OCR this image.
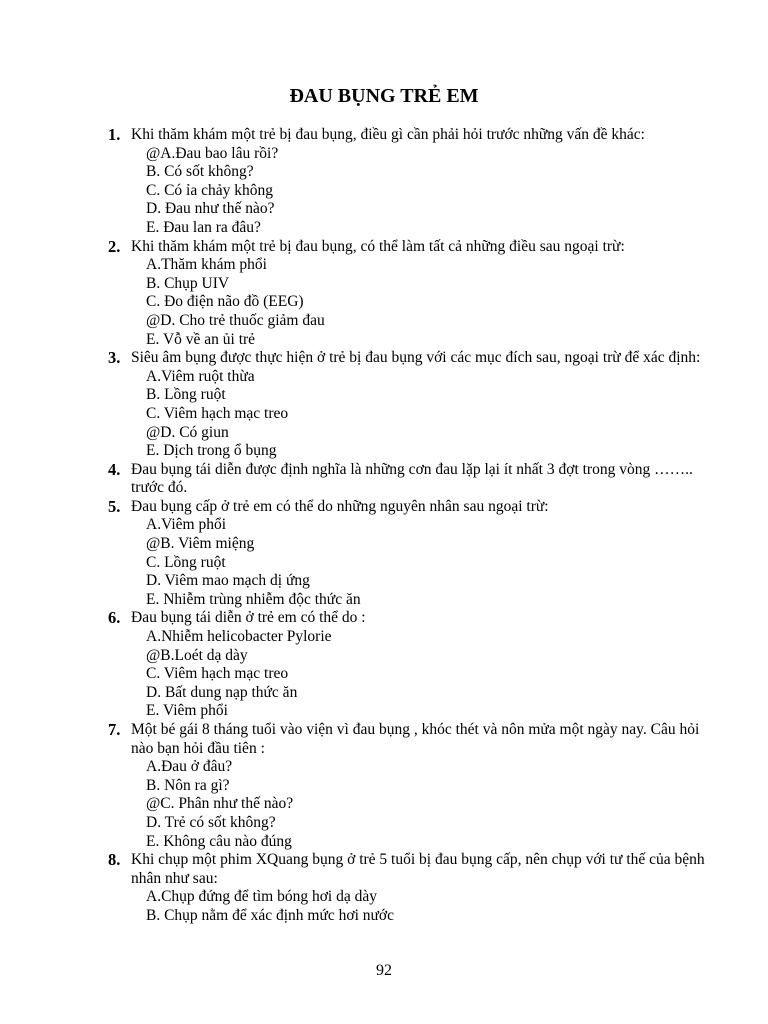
ĐAU BỤNG TRẺ EM
1. Khi thăm khám một trẻ bị đau bụng, điều gì cần phải hỏi trước những vấn đề khác:
@A.Đau bao lâu rồi?
B. Có sốt không?
C. Có ỉa chảy không
D. Đau như thế nào?
E. Đau lan ra đâu?
2. Khi thăm khám một trẻ bị đau bụng, có thể làm tất cả những điều sau ngoại trừ:
A.Thăm khám phổi
B. Chụp UIV
C. Đo điện não đồ (EEG)
@D. Cho trẻ thuốc giảm đau
E. Vỗ về an ủi trẻ
3. Siêu âm bụng được thực hiện ở trẻ bị đau bụng với các mục đích sau, ngoại trừ để xác định:
A.Viêm ruột thừa
B. Lồng ruột
C. Viêm hạch mạc treo
@D. Có giun
E. Dịch trong ổ bụng
4. Đau bụng tái diễn được định nghĩa là những cơn đau lặp lại ít nhất 3 đợt trong vòng …….. trước đó.
5. Đau bụng cấp ở trẻ em có thể do những nguyên nhân sau ngoại trừ:
A.Viêm phổi
@B. Viêm miệng
C. Lồng ruột
D. Viêm mao mạch dị ứng
E. Nhiễm trùng nhiễm độc thức ăn
6. Đau bụng tái diễn ở trẻ em có thể do :
A.Nhiễm helicobacter Pylorie
@B.Loét dạ dày
C. Viêm hạch mạc treo
D. Bất dung nạp thức ăn
E. Viêm phổi
7. Một bé gái 8 tháng tuổi vào viện vì đau bụng , khóc thét và nôn mửa một ngày nay. Câu hỏi nào bạn hỏi đầu tiên :
A.Đau ở đâu?
B. Nôn ra gì?
@C. Phân như thế nào?
D. Trẻ có sốt không?
E. Không câu nào đúng
8. Khi chụp một phim XQuang bụng ở trẻ 5 tuổi bị đau bụng cấp, nên chụp với tư thế của bệnh nhân như sau:
A.Chụp đứng để tìm bóng hơi dạ dày
B. Chụp nằm để xác định mức hơi nước
92
